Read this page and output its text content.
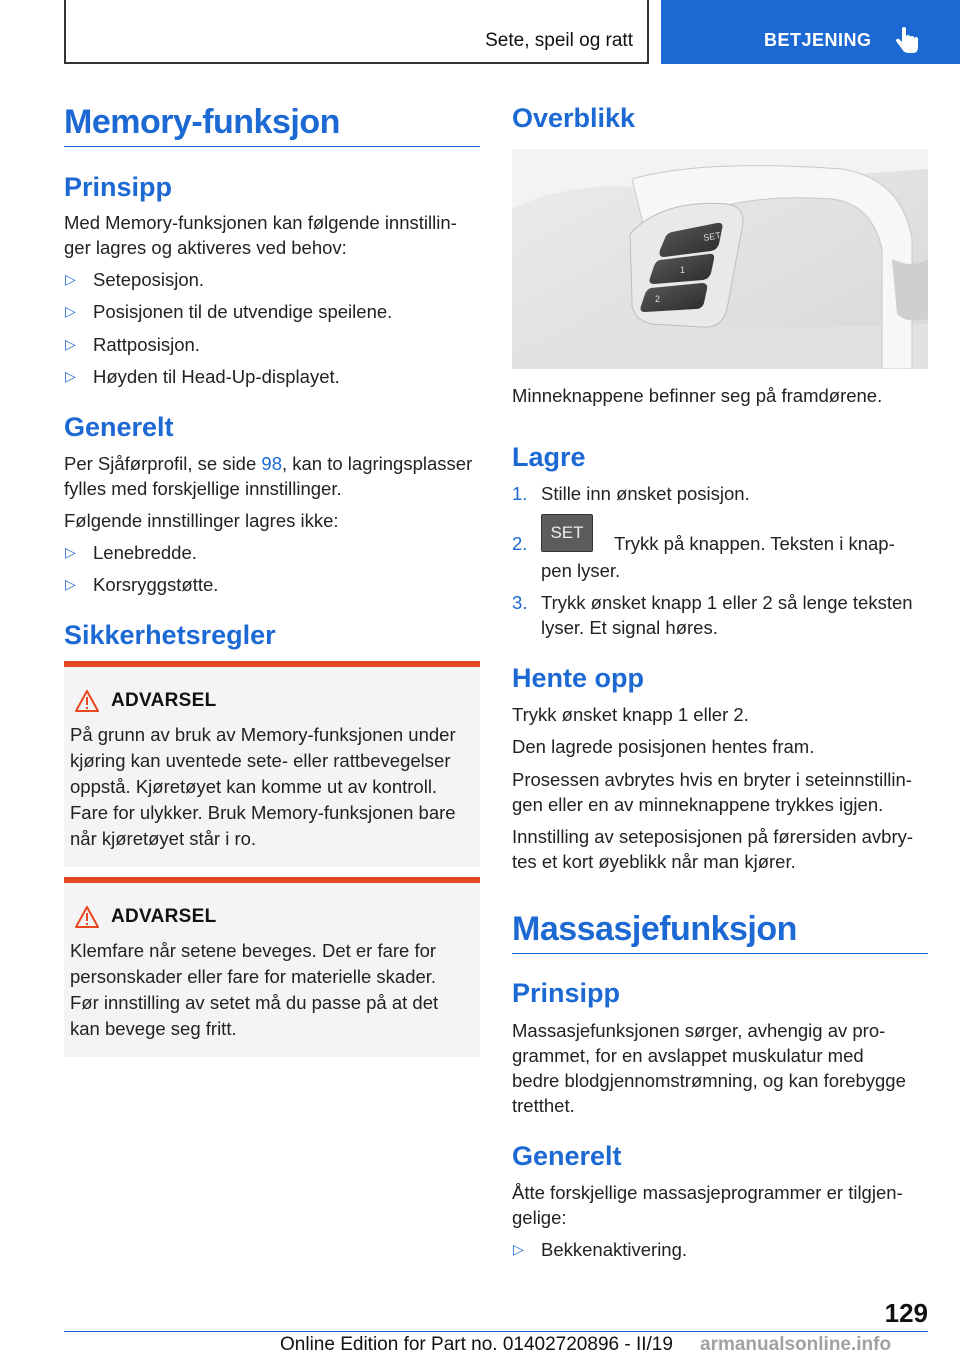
Sete, speil og ratt	BETJENING
Memory-funksjon
Prinsipp
Med Memory-funksjonen kan følgende innstillin-
ger lagres og aktiveres ved behov:
▷ Seteposisjon.
▷ Posisjonen til de utvendige speilene.
▷ Rattposisjon.
▷ Høyden til Head-Up-displayet.
Generelt
Per Sjåførprofil, se side 98, kan to lagringsplasser
fylles med forskjellige innstillinger.
Følgende innstillinger lagres ikke:
▷ Lenebredde.
▷ Korsryggstøtte.
Sikkerhetsregler
ADVARSEL
På grunn av bruk av Memory-funksjonen under
kjøring kan uventede sete- eller rattbevegelser
oppstå. Kjøretøyet kan komme ut av kontroll.
Fare for ulykker. Bruk Memory-funksjonen bare
når kjøretøyet står i ro.
ADVARSEL
Klemfare når setene beveges. Det er fare for
personskader eller fare for materielle skader.
Før innstilling av setet må du passe på at det
kan bevege seg fritt.
Overblikk
SET
1
2
Minneknappene befinner seg på framdørene.
Lagre
1. Stille inn ønsket posisjon.
2.
SET
Trykk på knappen. Teksten i knap-
pen lyser.
3. Trykk ønsket knapp 1 eller 2 så lenge teksten
lyser. Et signal høres.
Hente opp
Trykk ønsket knapp 1 eller 2.
Den lagrede posisjonen hentes fram.
Prosessen avbrytes hvis en bryter i seteinnstillin-
gen eller en av minneknappene trykkes igjen.
Innstilling av seteposisjonen på førersiden avbry-
tes et kort øyeblikk når man kjører.
Massasjefunksjon
Prinsipp
Massasjefunksjonen sørger, avhengig av pro-
grammet, for en avslappet muskulatur med
bedre blodgjennomstrømning, og kan forebygge
tretthet.
Generelt
Åtte forskjellige massasjeprogrammer er tilgjen-
gelige:
▷ Bekkenaktivering.
129
Online Edition for Part no. 01402720896 - II/19 armanualsonline.info
